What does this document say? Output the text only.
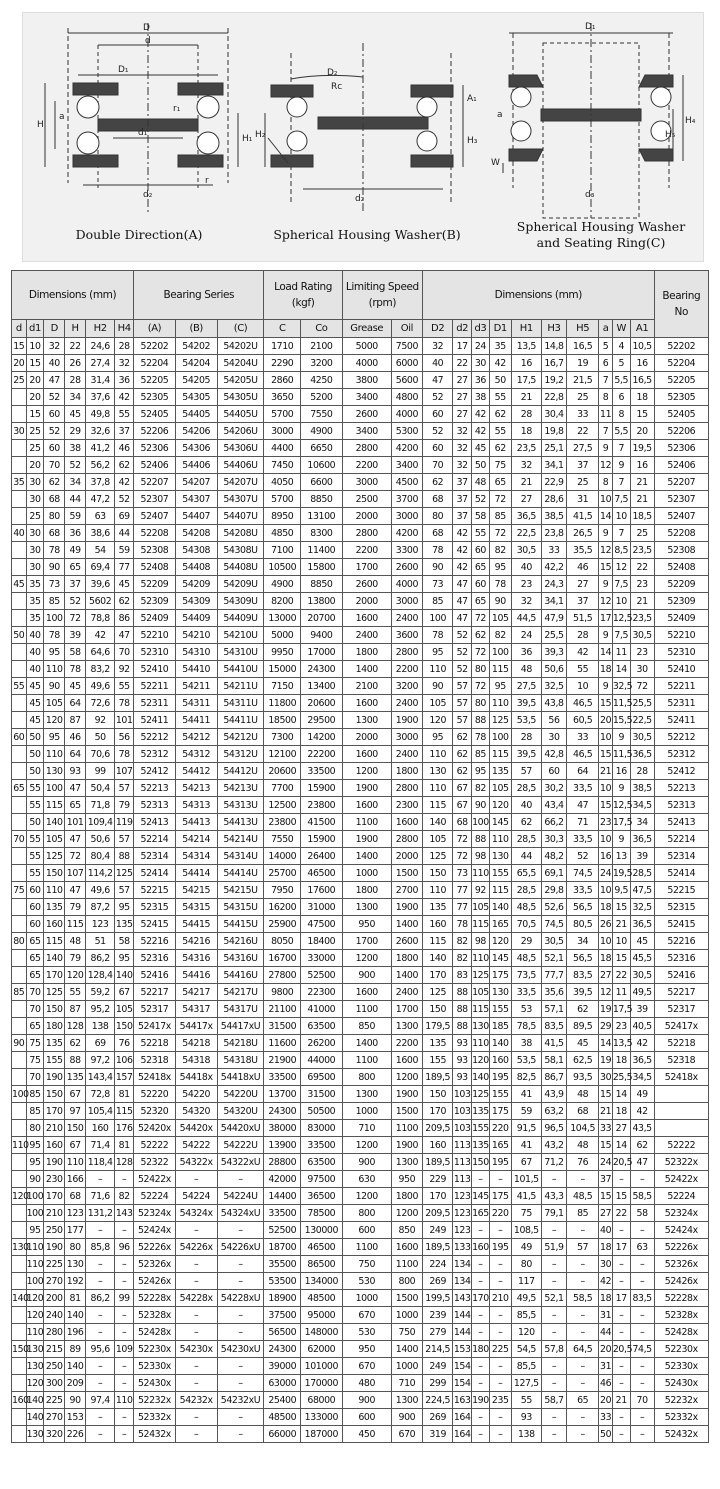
D
d
D₁
H
a
d₁
H₁
r₁
r
d₂
Double Direction(A)
D₂
Rc
A₁
H₂
H₃
d₂
Spherical Housing Washer(B)
D₁
H₄
H₅
a
W
d₃
Spherical Housing Washer
and Seating Ring(C)
Dimensions (mm)						Bearing Series			Load Rating (kgf)		Limiting Speed (rpm)		Dimensions (mm)										Bearing No
d	d1	D	H	H2	H4	(A)	(B)	(C)	C	Co	Grease	Oil	D2	d2	d3	D1	H1	H3	H5	a	W	A1	
15	10	32	22	24,6	28	52202	54202	54202U	1710	2100	5000	7500	32	17	24	35	13,5	14,8	16,5	5	4	10,5	52202
20	15	40	26	27,4	32	52204	54204	54204U	2290	3200	4000	6000	40	22	30	42	16	16,7	19	6	5	16	52204
25	20	47	28	31,4	36	52205	54205	54205U	2860	4250	3800	5600	47	27	36	50	17,5	19,2	21,5	7	5,5	16,5	52205
	20	52	34	37,6	42	52305	54305	54305U	3650	5200	3400	4800	52	27	38	55	21	22,8	25	8	6	18	52305
	15	60	45	49,8	55	52405	54405	54405U	5700	7550	2600	4000	60	27	42	62	28	30,4	33	11	8	15	52405
30	25	52	29	32,6	37	52206	54206	54206U	3000	4900	3400	5300	52	32	42	55	18	19,8	22	7	5,5	20	52206
	25	60	38	41,2	46	52306	54306	54306U	4400	6650	2800	4200	60	32	45	62	23,5	25,1	27,5	9	7	19,5	52306
	20	70	52	56,2	62	52406	54406	54406U	7450	10600	2200	3400	70	32	50	75	32	34,1	37	12	9	16	52406
35	30	62	34	37,8	42	52207	54207	54207U	4050	6600	3000	4500	62	37	48	65	21	22,9	25	8	7	21	52207
	30	68	44	47,2	52	52307	54307	54307U	5700	8850	2500	3700	68	37	52	72	27	28,6	31	10	7,5	21	52307
	25	80	59	63	69	52407	54407	54407U	8950	13100	2000	3000	80	37	58	85	36,5	38,5	41,5	14	10	18,5	52407
40	30	68	36	38,6	44	52208	54208	54208U	4850	8300	2800	4200	68	42	55	72	22,5	23,8	26,5	9	7	25	52208
	30	78	49	54	59	52308	54308	54308U	7100	11400	2200	3300	78	42	60	82	30,5	33	35,5	12	8,5	23,5	52308
	30	90	65	69,4	77	52408	54408	54408U	10500	15800	1700	2600	90	42	65	95	40	42,2	46	15	12	22	52408
45	35	73	37	39,6	45	52209	54209	54209U	4900	8850	2600	4000	73	47	60	78	23	24,3	27	9	7,5	23	52209
	35	85	52	5602	62	52309	54309	54309U	8200	13800	2000	3000	85	47	65	90	32	34,1	37	12	10	21	52309
	35	100	72	78,8	86	52409	54409	54409U	13000	20700	1600	2400	100	47	72	105	44,5	47,9	51,5	17	12,5	23,5	52409
50	40	78	39	42	47	52210	54210	54210U	5000	9400	2400	3600	78	52	62	82	24	25,5	28	9	7,5	30,5	52210
	40	95	58	64,6	70	52310	54310	54310U	9950	17000	1800	2800	95	52	72	100	36	39,3	42	14	11	23	52310
	40	110	78	83,2	92	52410	54410	54410U	15000	24300	1400	2200	110	52	80	115	48	50,6	55	18	14	30	52410
55	45	90	45	49,6	55	52211	54211	54211U	7150	13400	2100	3200	90	57	72	95	27,5	32,5	10	9	32,5	72	52211
	45	105	64	72,6	78	52311	54311	54311U	11800	20600	1600	2400	105	57	80	110	39,5	43,8	46,5	15	11,5	25,5	52311
	45	120	87	92	101	52411	54411	54411U	18500	29500	1300	1900	120	57	88	125	53,5	56	60,5	20	15,5	22,5	52411
60	50	95	46	50	56	52212	54212	54212U	7300	14200	2000	3000	95	62	78	100	28	30	33	10	9	30,5	52212
	50	110	64	70,6	78	52312	54312	54312U	12100	22200	1600	2400	110	62	85	115	39,5	42,8	46,5	15	11,5	36,5	52312
	50	130	93	99	107	52412	54412	54412U	20600	33500	1200	1800	130	62	95	135	57	60	64	21	16	28	52412
65	55	100	47	50,4	57	52213	54213	54213U	7700	15900	1900	2800	110	67	82	105	28,5	30,2	33,5	10	9	38,5	52213
	55	115	65	71,8	79	52313	54313	54313U	12500	23800	1600	2300	115	67	90	120	40	43,4	47	15	12,5	34,5	52313
	50	140	101	109,4	119	52413	54413	54413U	23800	41500	1100	1600	140	68	100	145	62	66,2	71	23	17,5	34	52413
70	55	105	47	50,6	57	52214	54214	54214U	7550	15900	1900	2800	105	72	88	110	28,5	30,3	33,5	10	9	36,5	52214
	55	125	72	80,4	88	52314	54314	54314U	14000	26400	1400	2000	125	72	98	130	44	48,2	52	16	13	39	52314
	55	150	107	114,2	125	52414	54414	54414U	25700	46500	1000	1500	150	73	110	155	65,5	69,1	74,5	24	19,5	28,5	52414
75	60	110	47	49,6	57	52215	54215	54215U	7950	17600	1800	2700	110	77	92	115	28,5	29,8	33,5	10	9,5	47,5	52215
	60	135	79	87,2	95	52315	54315	54315U	16200	31000	1300	1900	135	77	105	140	48,5	52,6	56,5	18	15	32,5	52315
	60	160	115	123	135	52415	54415	54415U	25900	47500	950	1400	160	78	115	165	70,5	74,5	80,5	26	21	36,5	52415
80	65	115	48	51	58	52216	54216	54216U	8050	18400	1700	2600	115	82	98	120	29	30,5	34	10	10	45	52216
	65	140	79	86,2	95	52316	54316	54316U	16700	33000	1200	1800	140	82	110	145	48,5	52,1	56,5	18	15	45,5	52316
	65	170	120	128,4	140	52416	54416	54416U	27800	52500	900	1400	170	83	125	175	73,5	77,7	83,5	27	22	30,5	52416
85	70	125	55	59,2	67	52217	54217	54217U	9800	22300	1600	2400	125	88	105	130	33,5	35,6	39,5	12	11	49,5	52217
	70	150	87	95,2	105	52317	54317	54317U	21100	41000	1100	1700	150	88	115	155	53	57,1	62	19	17,5	39	52317
	65	180	128	138	150	52417x	54417x	54417xU	31500	63500	850	1300	179,5	88	130	185	78,5	83,5	89,5	29	23	40,5	52417x
90	75	135	62	69	76	52218	54218	54218U	11600	26200	1400	2200	135	93	110	140	38	41,5	45	14	13,5	42	52218
	75	155	88	97,2	106	52318	54318	54318U	21900	44000	1100	1600	155	93	120	160	53,5	58,1	62,5	19	18	36,5	52318
	70	190	135	143,4	157	52418x	54418x	54418xU	33500	69500	800	1200	189,5	93	140	195	82,5	86,7	93,5	30	25,5	34,5	52418x
100	85	150	67	72,8	81	52220	54220	54220U	13700	31500	1300	1900	150	103	125	155	41	43,9	48	15	14	49	
	85	170	97	105,4	115	52320	54320	54320U	24300	50500	1000	1500	170	103	135	175	59	63,2	68	21	18	42	
	80	210	150	160	176	52420x	54420x	54420xU	38000	83000	710	1100	209,5	103	155	220	91,5	96,5	104,5	33	27	43,5	
110	95	160	67	71,4	81	52222	54222	54222U	13900	33500	1200	1900	160	113	135	165	41	43,2	48	15	14	62	52222
	95	190	110	118,4	128	52322	54322x	54322xU	28800	63500	900	1300	189,5	113	150	195	67	71,2	76	24	20,5	47	52322x
	90	230	166	–	–	52422x	–	–	42000	97500	630	950	229	113	–	–	101,5	–	–	37	–	–	52422x
120	100	170	68	71,6	82	52224	54224	54224U	14400	36500	1200	1800	170	123	145	175	41,5	43,3	48,5	15	15	58,5	52224
	100	210	123	131,2	143	52324x	54324x	54324xU	33500	78500	800	1200	209,5	123	165	220	75	79,1	85	27	22	58	52324x
	95	250	177	–	–	52424x	–	–	52500	130000	600	850	249	123	–	–	108,5	–	–	40	–	–	52424x
130	110	190	80	85,8	96	52226x	54226x	54226xU	18700	46500	1100	1600	189,5	133	160	195	49	51,9	57	18	17	63	52226x
	110	225	130	–	–	52326x	–	–	35500	86500	750	1100	224	134	–	–	80	–	–	30	–	–	52326x
	100	270	192	–	–	52426x	–	–	53500	134000	530	800	269	134	–	–	117	–	–	42	–	–	52426x
140	120	200	81	86,2	99	52228x	54228x	54228xU	18900	48500	1000	1500	199,5	143	170	210	49,5	52,1	58,5	18	17	83,5	52228x
	120	240	140	–	–	52328x	–	–	37500	95000	670	1000	239	144	–	–	85,5	–	–	31	–	–	52328x
	110	280	196	–	–	52428x	–	–	56500	148000	530	750	279	144	–	–	120	–	–	44	–	–	52428x
150	130	215	89	95,6	109	52230x	54230x	54230xU	24300	62000	950	1400	214,5	153	180	225	54,5	57,8	64,5	20	20,5	74,5	52230x
	130	250	140	–	–	52330x	–	–	39000	101000	670	1000	249	154	–	–	85,5	–	–	31	–	–	52330x
	120	300	209	–	–	52430x	–	–	63000	170000	480	710	299	154	–	–	127,5	–	–	46	–	–	52430x
160	140	225	90	97,4	110	52232x	54232x	54232xU	25400	68000	900	1300	224,5	163	190	235	55	58,7	65	20	21	70	52232x
	140	270	153	–	–	52332x	–	–	48500	133000	600	900	269	164	–	–	93	–	–	33	–	–	52332x
	130	320	226	–	–	52432x	–	–	66000	187000	450	670	319	164	–	–	138	–	–	50	–	–	52432x
